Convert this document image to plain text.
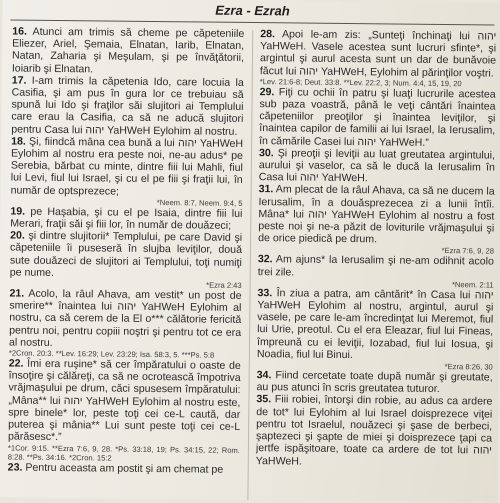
Ezra - Ezrah
16. Atunci am trimis să cheme pe căpeteniile Eliezer, Ariel, Şemaia, Elnatan, Iarib, Elnatan, Natan, Zaharia şi Meşulam, şi pe învăţătorii, Ioiarib şi Elnatan.
17. I-am trimis la căpetenia Ido, care locuia la Casifia, şi am pus în gura lor ce trebuiau să spună lui Ido şi fraţilor săi slujitori ai Templului care erau la Casifia, ca să ne aducă slujitori pentru Casa lui יהוה YaHWeH Eylohim al nostru.
18. Şi, fiindcă mâna cea bună a lui יהוה YaHWeH Eylohim al nostru era peste noi, ne-au adus* pe Serebia, bărbat cu minte, dintre fiii lui Mahli, fiul lui Levi, fiul lui Israel, şi cu el pe fiii şi fraţii lui, în număr de optsprezece;
*Neem. 8:7, Neem. 9:4, 5
19. pe Haşabia, şi cu el pe Isaia, dintre fiii lui Merari, fraţii săi şi fiii lor, în număr de douăzeci;
20. şi dintre slujitorii* Templului, pe care David şi căpeteniile îi puseseră în slujba leviţilor, două sute douăzeci de slujitori ai Templului, toţi numiţi pe nume.
*Ezra 2:43
21. Acolo, la râul Ahava, am vestit* un post de smerire** înaintea lui יהוה YaHWeH Eylohim al nostru, ca să cerem de la El o*** călătorie fericită pentru noi, pentru copiii noştri şi pentru tot ce era al nostru.
*2Cron. 20:3. **Lev. 16:29; Lev. 23:29; Isa. 58:3, 5. ***Ps. 5:8
22. Îmi era ruşine* să cer împăratului o oaste de însoţire şi călăreţi, ca să ne ocrotească împotriva vrăjmaşului pe drum, căci spusesem împăratului: „Mâna** lui יהוה YaHWeH Eylohim al nostru este, spre binele* lor, peste toţi cei ce-L caută, dar puterea şi mânia** Lui sunt peste toţi cei ce-L părăsesc*.”
*1Cor. 9:15. **Ezra 7:6, 9, 28. *Ps. 33:18, 19; Ps. 34:15, 22; Rom. 8:28. **Ps. 34:16. *2Cron. 15:2
23. Pentru aceasta am postit şi am chemat pe
28. Apoi le-am zis: „Sunteţi închinaţi lui יהוה YaHWeH. Vasele acestea sunt lucruri sfinte*, şi argintul şi aurul acesta sunt un dar de bunăvoie făcut lui יהוה YaHWeH, Eylohim al părinţilor voştri.
*Lev. 21:6-8; Deut. 33:8. **Lev. 22:2, 3; Num. 4:4, 15, 19, 20
29. Fiţi cu ochii în patru şi luaţi lucrurile acestea sub paza voastră, până le veţi cântări înaintea căpeteniilor preoţilor şi înaintea leviţilor, şi înaintea capilor de familii ai lui Israel, la Ierusalim, în cămările Casei lui יהוה YaHWeH.”
30. Şi preoţii şi leviţii au luat greutatea argintului, aurului şi vaselor, ca să le ducă la Ierusalim în Casa lui יהוה YaHWeH.
31. Am plecat de la râul Ahava, ca să ne ducem la Ierusalim, în a douăsprezecea zi a lunii întîi. Mâna* lui יהוה YaHWeH Eylohim al nostru a fost peste noi şi ne-a păzit de loviturile vrăjmaşului şi de orice piedică pe drum.
*Ezra 7:6, 9, 28
32. Am ajuns* la Ierusalim şi ne-am odihnit acolo trei zile.
*Neem. 2:11
33. În ziua a patra, am cântărit* în Casa lui יהוה YaHWeH Eylohim al nostru, argintul, aurul şi vasele, pe care le-am încredinţat lui Meremot, fiul lui Urie, preotul. Cu el era Eleazar, fiul lui Fineas, împreună cu ei leviţii, Iozabad, fiul lui Iosua, şi Noadia, fiul lui Binui.
*Ezra 8:26, 30
34. Fiind cercetate toate după număr şi greutate, au pus atunci în scris greutatea tuturor.
35. Fiii robiei, întorşi din robie, au adus ca ardere de tot* lui Eylohim al lui Israel doisprezece viţei pentru tot Israelul, nouăzeci şi şase de berbeci, şaptezeci şi şapte de miei şi doisprezece ţapi ca jertfe ispăşitoare, toate ca ardere de tot lui יהוה YaHWeH.
